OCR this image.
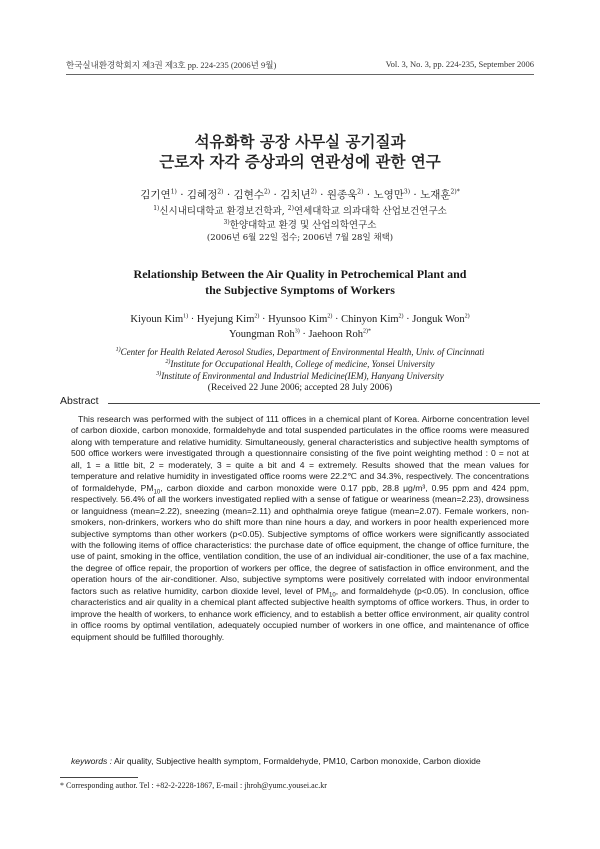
한국실내환경학회지 제3권 제3호 pp. 224-235 (2006년 9월)	Vol. 3, No. 3, pp. 224-235, September 2006
석유화학 공장 사무실 공기질과
근로자 자각 증상과의 연관성에 관한 연구
김기연$^{1)}$ · 김혜정$^{2)}$ · 김현수$^{2)}$ · 김치년$^{2)}$ · 원종욱$^{2)}$ · 노영만$^{3)}$ · 노재훈$^{2)*}$
$^{1)}$신시내티대학교 환경보건학과, $^{2)}$연세대학교 의과대학 산업보건연구소
$^{3)}$한양대학교 환경 및 산업의학연구소
(2006년 6월 22일 접수; 2006년 7월 28일 채택)
Relationship Between the Air Quality in Petrochemical Plant and
the Subjective Symptoms of Workers
Kiyoun Kim$^{1)}$ · Hyejung Kim$^{2)}$ · Hyunsoo Kim$^{2)}$ · Chinyon Kim$^{2)}$ · Jonguk Won$^{2)}$
Youngman Roh$^{3)}$ · Jaehoon Roh$^{2)*}$
$^{1)}$Center for Health Related Aerosol Studies, Department of Environmental Health, Univ. of Cincinnati
$^{2)}$Institute for Occupational Health, College of medicine, Yonsei University
$^{3)}$Institute of Environmental and Industrial Medicine(IEM), Hanyang University
(Received 22 June 2006; accepted 28 July 2006)
Abstract

This research was performed with the subject of 111 offices in a chemical plant of Korea. Airborne concentration level of carbon dioxide, carbon monoxide, formaldehyde and total suspended particulates in the office rooms were measured along with temperature and relative humidity. Simultaneously, general characteristics and subjective health symptoms of 500 office workers were investigated through a questionnaire consisting of the five point weighting method : 0 = not at all, 1 = a little bit, 2 = moderately, 3 = quite a bit and 4 = extremely. Results showed that the mean values for temperature and relative humidity in investigated office rooms were 22.2℃ and 34.3%, respectively. The concentrations of formaldehyde, $PM_{10}$, carbon dioxide and carbon monoxide were 0.17 ppb, 28.8 μg/m³, 0.95 ppm and 424 ppm, respectively. 56.4% of all the workers investigated replied with a sense of fatigue or weariness (mean=2.23), drowsiness or languidness (mean=2.22), sneezing (mean=2.11) and ophthalmia oreye fatigue (mean=2.07). Female workers, non-smokers, non-drinkers, workers who do shift more than nine hours a day, and workers in poor health experienced more subjective symptoms than other workers (p<0.05). Subjective symptoms of office workers were significantly associated with the following items of office characteristics: the purchase date of office equipment, the change of office furniture, the use of paint, smoking in the office, ventilation condition, the use of an individual air-conditioner, the use of a fax machine, the degree of office repair, the proportion of workers per office, the degree of satisfaction in office environment, and the operation hours of the air-conditioner. Also, subjective symptoms were positively correlated with indoor environmental factors such as relative humidity, carbon dioxide level, level of $PM_{10}$, and formaldehyde (p<0.05). In conclusion, office characteristics and air quality in a chemical plant affected subjective health symptoms of office workers. Thus, in order to improve the health of workers, to enhance work efficiency, and to establish a better office environment, air quality control in office rooms by optimal ventilation, adequately occupied number of workers in one office, and maintenance of office equipment should be fulfilled thoroughly.

keywords : Air quality, Subjective health symptom, Formaldehyde, PM10, Carbon monoxide, Carbon dioxide
* Corresponding author. Tel : +82-2-2228-1867, E-mail : jhroh@yumc.yousei.ac.kr
